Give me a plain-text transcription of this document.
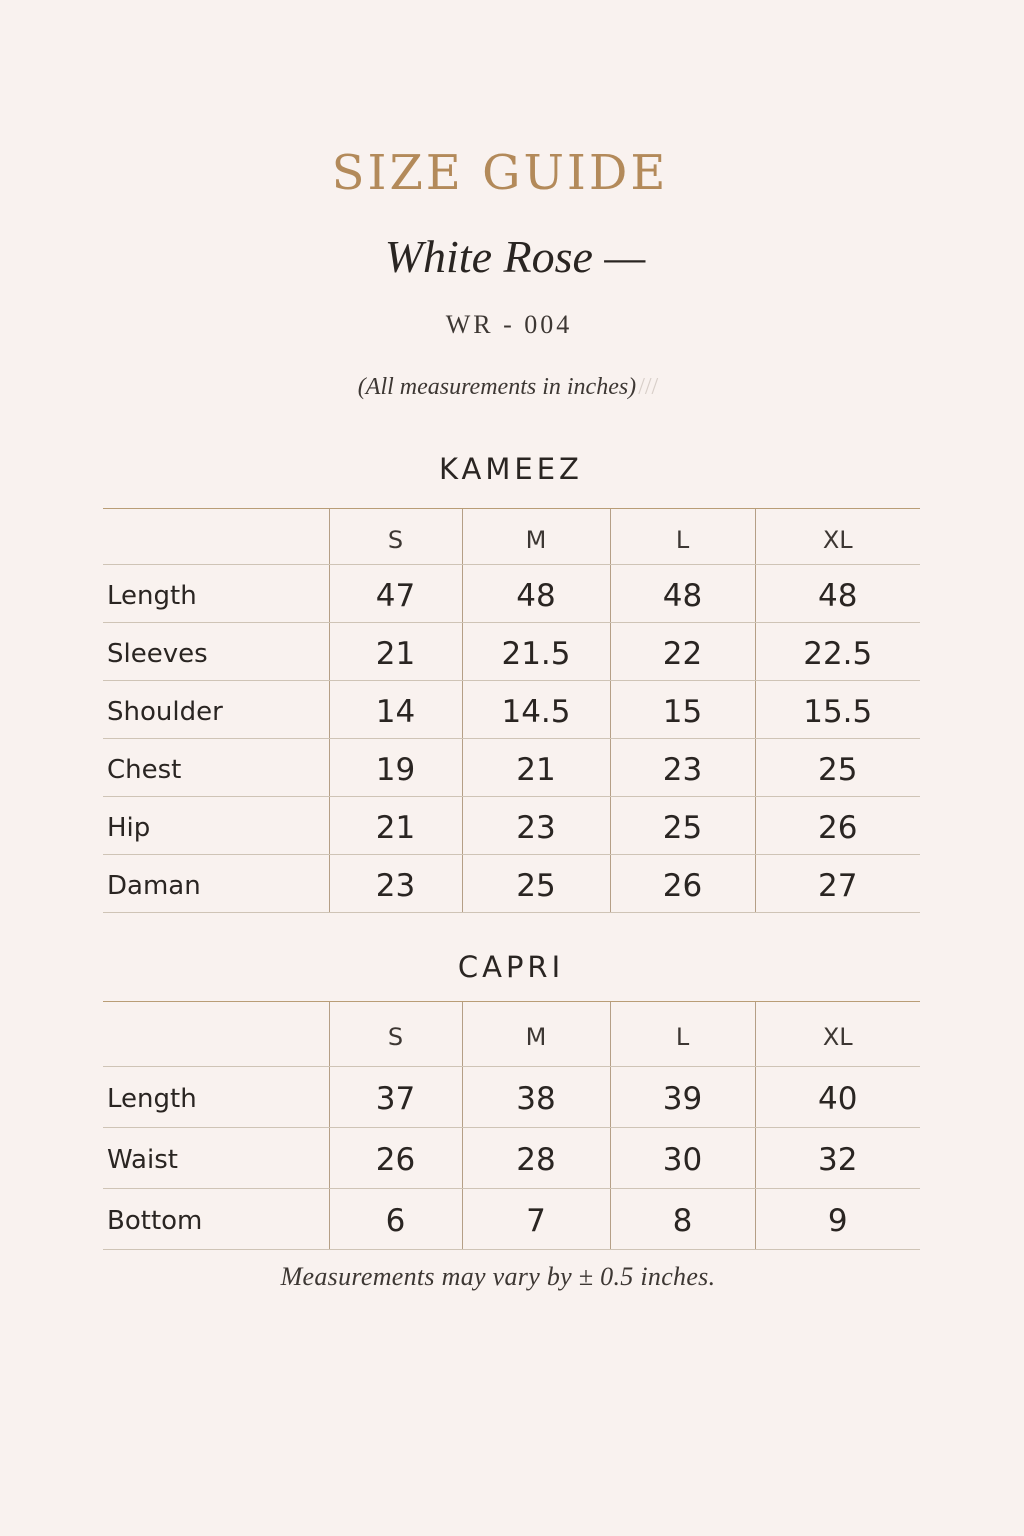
SIZE GUIDE
White Rose —
WR - 004
(All measurements in inches)///
KAMEEZ
	S	M	L	XL
Length	47	48	48	48
Sleeves	21	21.5	22	22.5
Shoulder	14	14.5	15	15.5
Chest	19	21	23	25
Hip	21	23	25	26
Daman	23	25	26	27
CAPRI
	S	M	L	XL
Length	37	38	39	40
Waist	26	28	30	32
Bottom	6	7	8	9
Measurements may vary by ± 0.5 inches.
